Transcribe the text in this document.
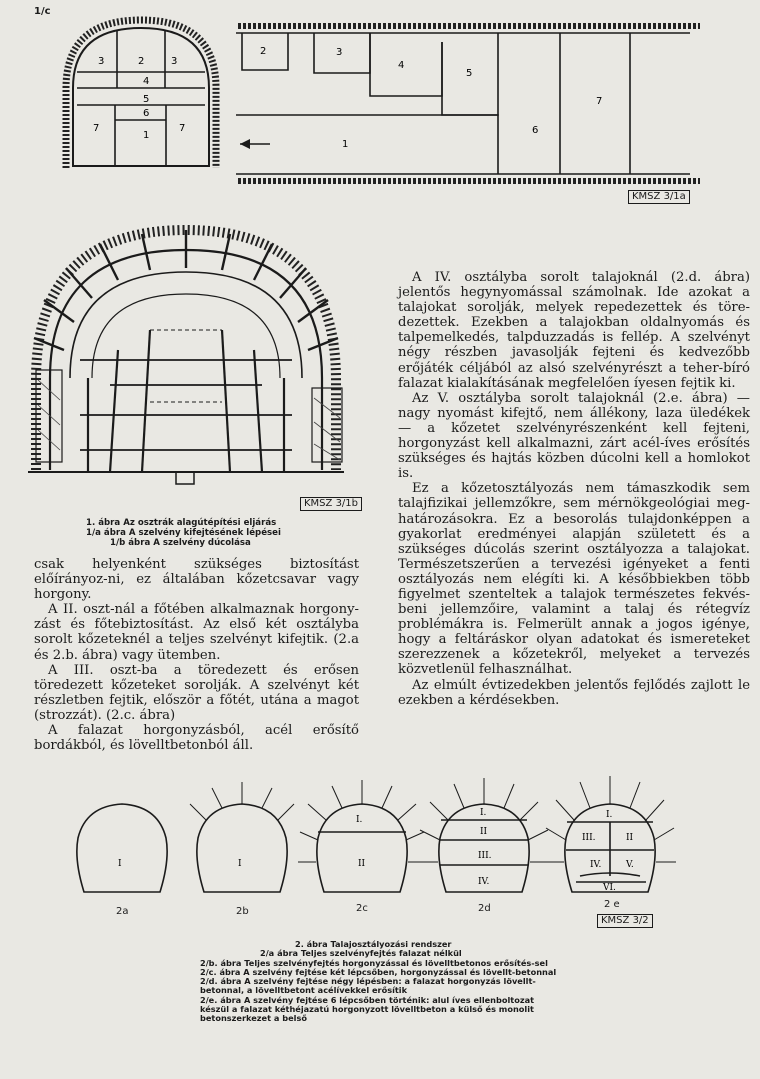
1/c
3	2	3
4
5
6
7
1
7
2	3
4
5
7
6
1
KMSZ 3/1a
KMSZ 3/1b
1. ábra Az osztrák alagútépítési eljárás
1/a ábra A szelvény kifejtésének lépései
1/b ábra A szelvény dúcolása

csak helyenként szükséges biztosítást előírányoz-ni, ez általában kőzetcsavar vagy horgony.

A II. oszt-nál a főtében alkalmaznak horgony-zást és főtebiztosítást. Az első két osztályba sorolt kőzeteknél a teljes szelvényt kifejtik. (2.a és 2.b. ábra) vagy ütemben.

A III. oszt-ba a töredezett és erősen töredezett kőzeteket sorolják. A szelvényt két részletben fejtik, először a főtét, utána a magot (strozzát). (2.c. ábra)

A falazat horgonyzásból, acél erősítő bordákból, és lövelltbetonból áll.

A IV. osztályba sorolt talajoknál (2.d. ábra) jelentős hegynyomással számolnak. Ide azokat a talajokat sorolják, melyek repedezettek és töre-dezettek. Ezekben a talajokban oldalnyomás és talpemelkedés, talpduzzadás is fellép. A szelvényt négy részben javasolják fejteni és kedvezőbb erőjáték céljából az alsó szelvényrészt a teher-bíró falazat kialakításának megfelelően íyesen fejtik ki.

Az V. osztályba sorolt talajoknál (2.e. ábra) — nagy nyomást kifejtő, nem állékony, laza üledékek — a kőzetet szelvényrészenként kell fejteni, horgonyzást kell alkalmazni, zárt acél-íves erősítés szükséges és hajtás közben dúcolni kell a homlokot is.

Ez a kőzetosztályozás nem támaszkodik sem talajfizikai jellemzőkre, sem mérnökgeológiai meg-határozásokra. Ez a besorolás tulajdonképpen a gyakorlat eredményei alapján született és a szükséges dúcolás szerint osztályozza a talajokat. Természetszerűen a tervezési igényeket a fenti osztályozás nem elégíti ki. A későbbiekben több figyelmet szenteltek a talajok természetes fekvés-beni jellemzőire, valamint a talaj és rétegvíz problémákra is. Felmerült annak a jogos igénye, hogy a feltáráskor olyan adatokat és ismereteket szerezzenek a kőzetekről, melyeket a tervezés közvetlenül felhasználhat.

Az elmúlt évtizedekben jelentős fejlődés zajlott le ezekben a kérdésekben.

I	I
I.
II
I.
II
III.
IV.
I.
III.	II
IV.	V.
VI.
2a	2b	2c	2d	2 e
KMSZ 3/2
2. ábra Talajosztályozási rendszer
2/a ábra Teljes szelvényfejtés falazat nélkül
2/b. ábra Teljes szelvényfejtés horgonyzással és lövelltbetonos erősítés-sel
2/c. ábra A szelvény fejtése két lépcsőben, horgonyzással és lövellt-betonnal
2/d. ábra A szelvény fejtése négy lépésben: a falazat horgonyzás lövellt-betonnal, a lövelltbetont acélívekkel erősítik
2/e. ábra A szelvény fejtése 6 lépcsőben történik: alul íves ellenboltozat készül a falazat kéthéjazatú horgonyzott lövelltbeton a külső és monolit betonszerkezet a belső
